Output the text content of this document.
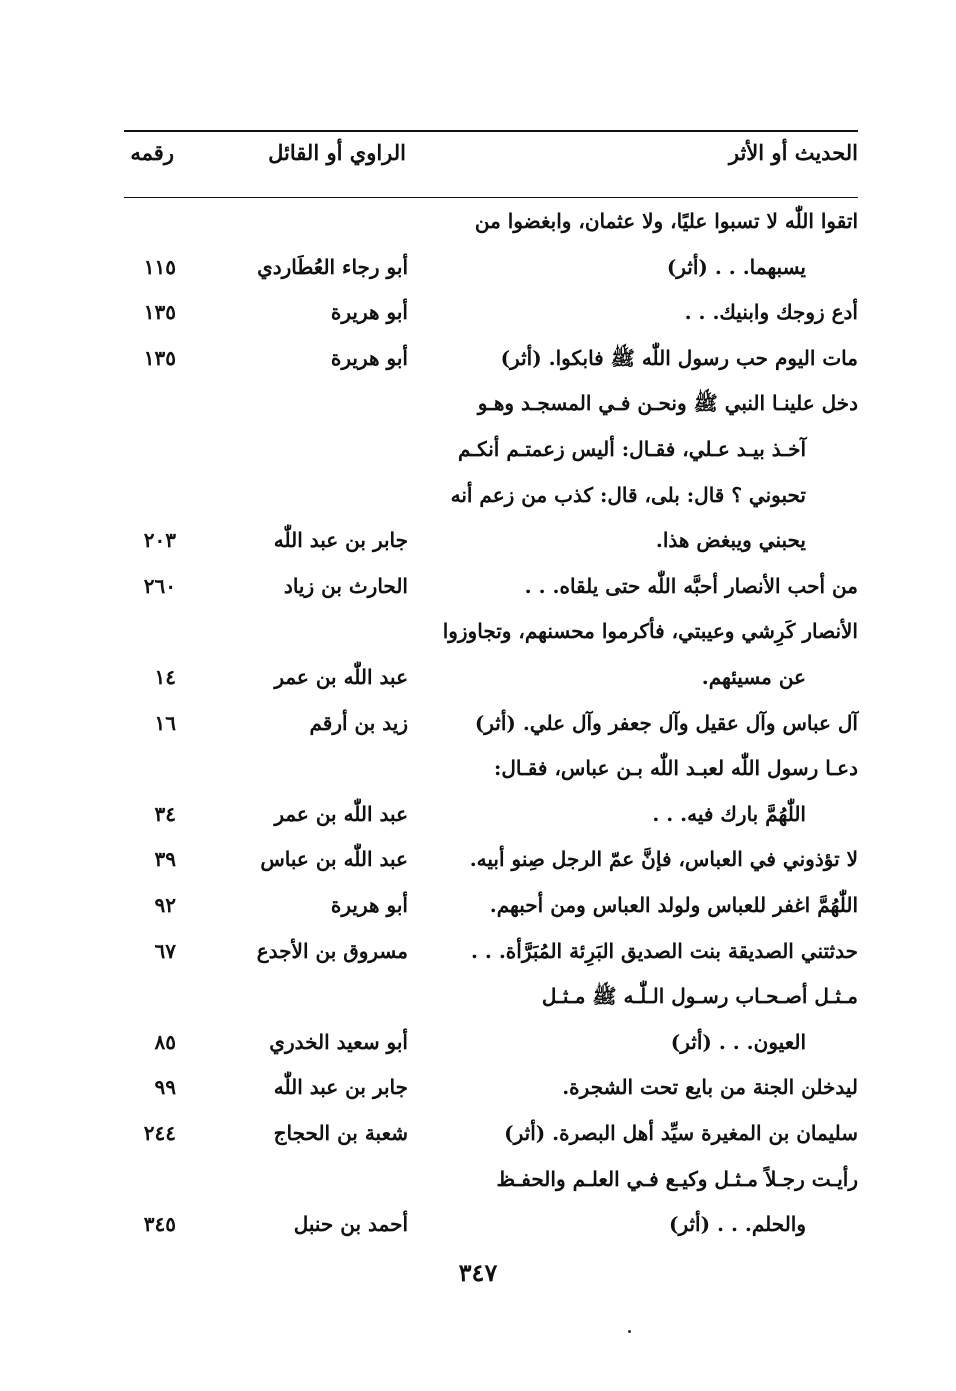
الحديث أو الأثر
الراوي أو القائل
رقمه
اتقوا اللّٰه لا تسبوا عليًا، ولا عثمان، وابغضوا من
يسبهما. . . (أثر)
أبو رجاء العُطَاردي
١١٥
أدع زوجك وابنيك. . .
أبو هريرة
١٣٥
مات اليوم حب رسول اللّٰه ﷺ فابكوا. (أثر)
أبو هريرة
١٣٥
دخل علينـا النبي ﷺ ونحـن فـي المسجـد وهـو
آخـذ بيـد عـلي، فقـال: أليس زعمتـم أنكـم
تحبوني ؟ قال: بلى، قال: كذب من زعم أنه
يحبني ويبغض هذا.
جابر بن عبد اللّٰه
٢٠٣
من أحب الأنصار أحبَّه اللّٰه حتى يلقاه. . .
الحارث بن زياد
٢٦٠
الأنصار كَرِشي وعيبتي، فأكرموا محسنهم، وتجاوزوا
عن مسيئهم.
عبد اللّٰه بن عمر
١٤
آل عباس وآل عقيل وآل جعفر وآل علي. (أثر)
زيد بن أرقم
١٦
دعـا رسول اللّٰه لعبـد اللّٰه بـن عباس، فقـال:
اللّٰهُمَّ بارك فيه. . .
عبد اللّٰه بن عمر
٣٤
لا تؤذوني في العباس، فإنَّ عمّ الرجل صِنو أبيه.
عبد اللّٰه بن عباس
٣٩
اللّٰهُمَّ اغفر للعباس ولولد العباس ومن أحبهم.
أبو هريرة
٩٢
حدثتني الصديقة بنت الصديق البَرِئة المُبَرَّأة. . .
مسروق بن الأجدع
٦٧
مـثـل أصـحـاب رسـول الـلّٰـه ﷺ مـثـل
العيون. . . (أثر)
أبو سعيد الخدري
٨٥
ليدخلن الجنة من بايع تحت الشجرة.
جابر بن عبد اللّٰه
٩٩
سليمان بن المغيرة سيِّد أهل البصرة. (أثر)
شعبة بن الحجاج
٢٤٤
رأيـت رجـلاً مـثـل وكيـع فـي العلـم والحفـظ
والحلم. . . (أثر)
أحمد بن حنبل
٣٤٥
٣٤٧
